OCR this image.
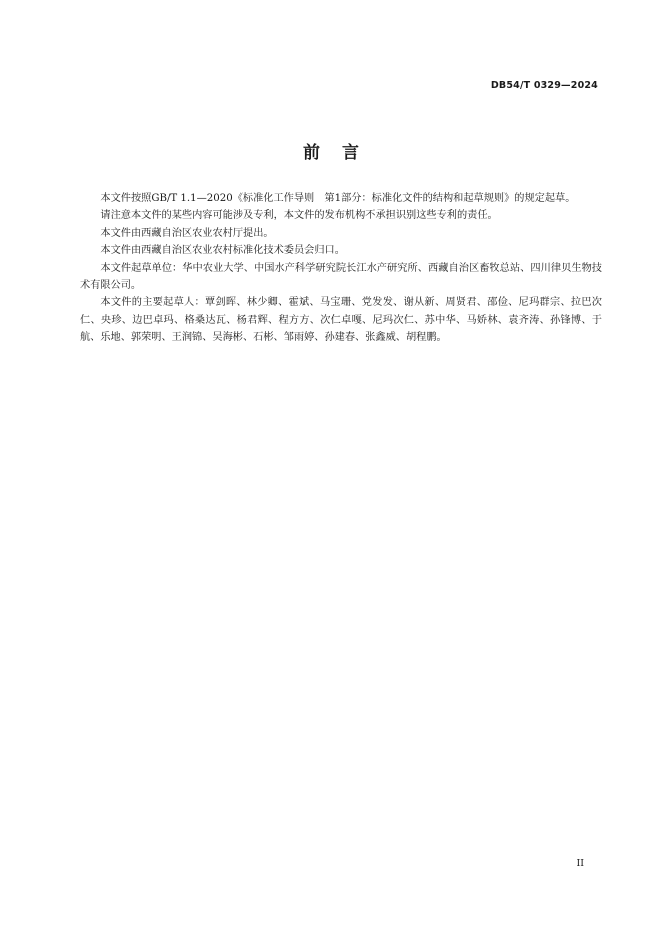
DB54/T 0329—2024
前言

本文件按照GB/T 1.1—2020《标准化工作导则　第1部分：标准化文件的结构和起草规则》的规定起草。

请注意本文件的某些内容可能涉及专利，本文件的发布机构不承担识别这些专利的责任。

本文件由西藏自治区农业农村厅提出。

本文件由西藏自治区农业农村标准化技术委员会归口。

本文件起草单位：华中农业大学、中国水产科学研究院长江水产研究所、西藏自治区畜牧总站、四川律贝生物技术有限公司。

本文件的主要起草人：覃剑晖、林少卿、霍斌、马宝珊、党发发、谢从新、周贤君、邵俭、尼玛群宗、拉巴次仁、央珍、边巴卓玛、格桑达瓦、杨君辉、程方方、次仁卓嘎、尼玛次仁、苏中华、马娇林、袁齐涛、孙锋博、于航、乐地、郭荣明、王润锦、吴海彬、石彬、邹雨婷、孙建春、张鑫威、胡程鹏。

II
